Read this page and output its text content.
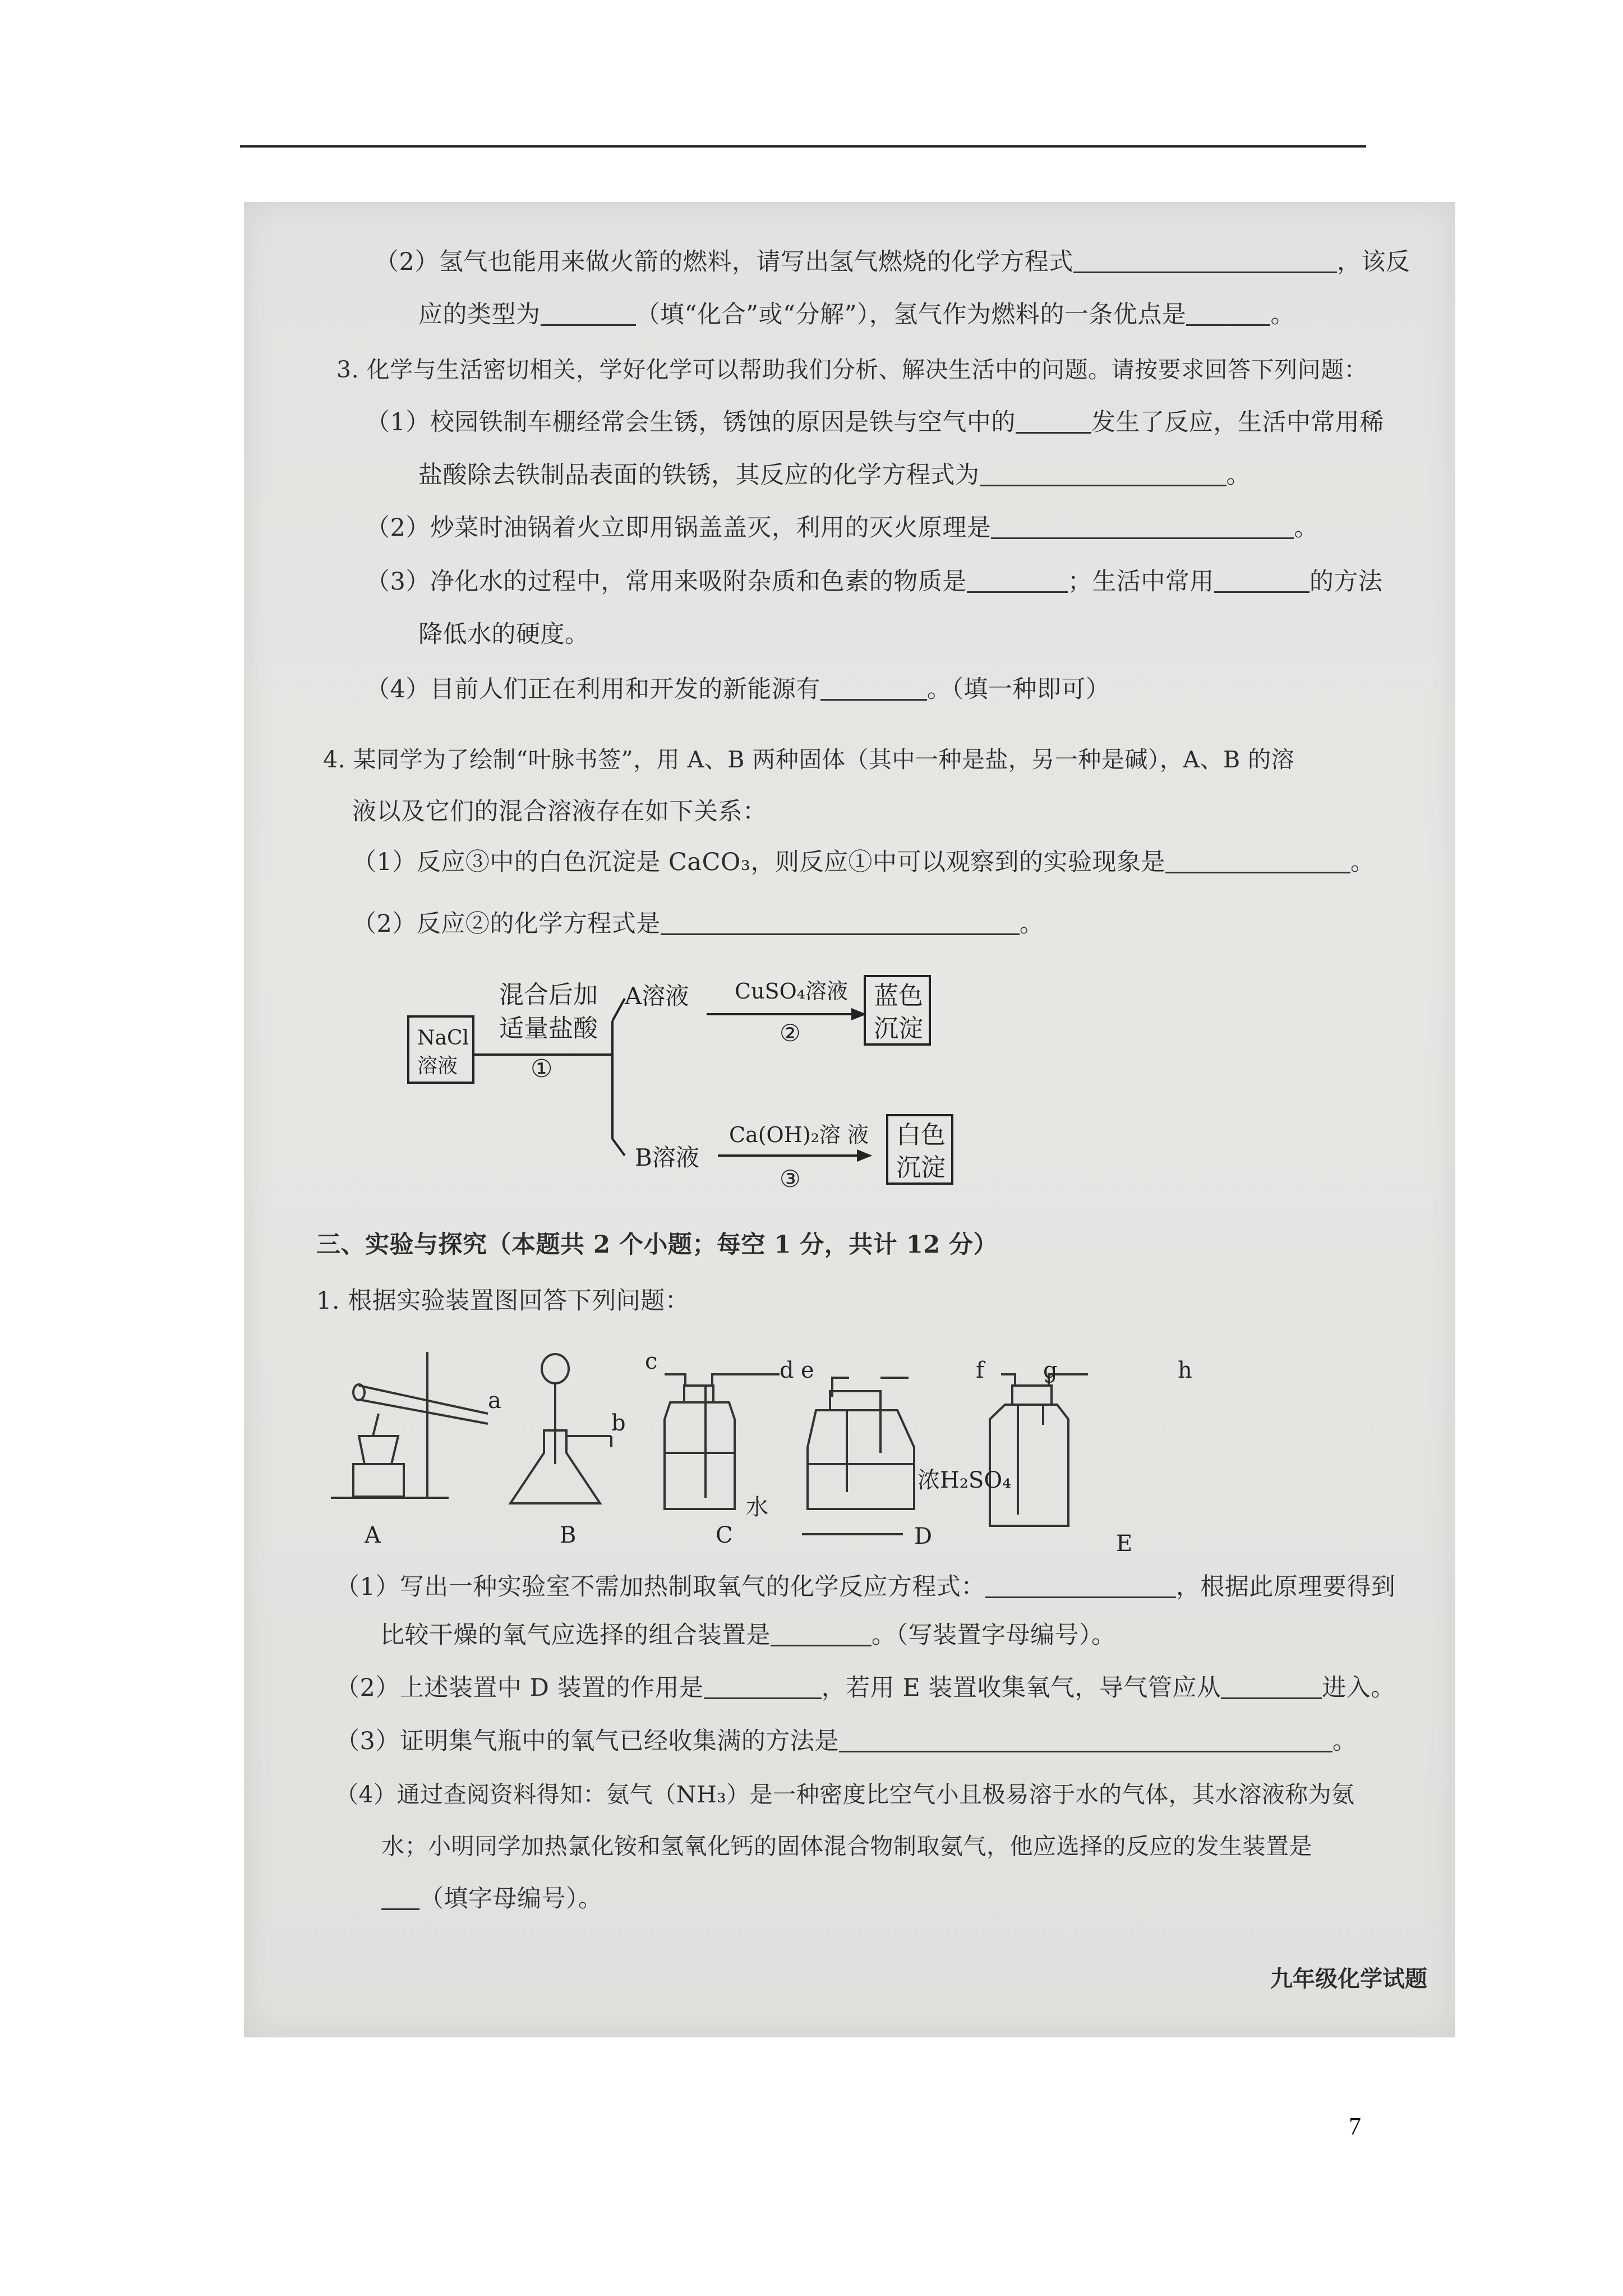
（2）氢气也能用来做火箭的燃料，请写出氢气燃烧的化学方程式	，该反
应的类型为	（填“化合”或“分解”），氢气作为燃料的一条优点是	。
3. 化学与生活密切相关，学好化学可以帮助我们分析、解决生活中的问题。请按要求回答下列问题：
（1）校园铁制车棚经常会生锈，锈蚀的原因是铁与空气中的	发生了反应，生活中常用稀
盐酸除去铁制品表面的铁锈，其反应的化学方程式为	。
（2）炒菜时油锅着火立即用锅盖盖灭，利用的灭火原理是	。
（3）净化水的过程中，常用来吸附杂质和色素的物质是	；生活中常用	的方法
降低水的硬度。
（4）目前人们正在利用和开发的新能源有	。（填一种即可）
4. 某同学为了绘制“叶脉书签”，用 A、B 两种固体（其中一种是盐，另一种是碱），A、B 的溶
液以及它们的混合溶液存在如下关系：
（1）反应③中的白色沉淀是 CaCO₃，则反应①中可以观察到的实验现象是	。
（2）反应②的化学方程式是	。
NaCl
溶液
混合后加
适量盐酸
①
A溶液 CuSO₄溶液
②
蓝色
沉淀
B溶液
Ca(OH)₂溶 液
③
白色
沉淀
三、实验与探究（本题共 2 个小题；每空 1 分，共计 12 分）
1. 根据实验装置图回答下列问题：
a
b
c	d e	f	g	h
水
浓H₂SO₄
A	B	C	D	E
（1）写出一种实验室不需加热制取氧气的化学反应方程式：	，根据此原理要得到
比较干燥的氧气应选择的组合装置是	。（写装置字母编号）。
（2）上述装置中 D 装置的作用是	，若用 E 装置收集氧气，导气管应从	进入。
（3）证明集气瓶中的氧气已经收集满的方法是	。
（4）通过查阅资料得知：氨气（NH₃）是一种密度比空气小且极易溶于水的气体，其水溶液称为氨
水；小明同学加热氯化铵和氢氧化钙的固体混合物制取氨气，他应选择的反应的发生装置是
（填字母编号）。
九年级化学试题
7
